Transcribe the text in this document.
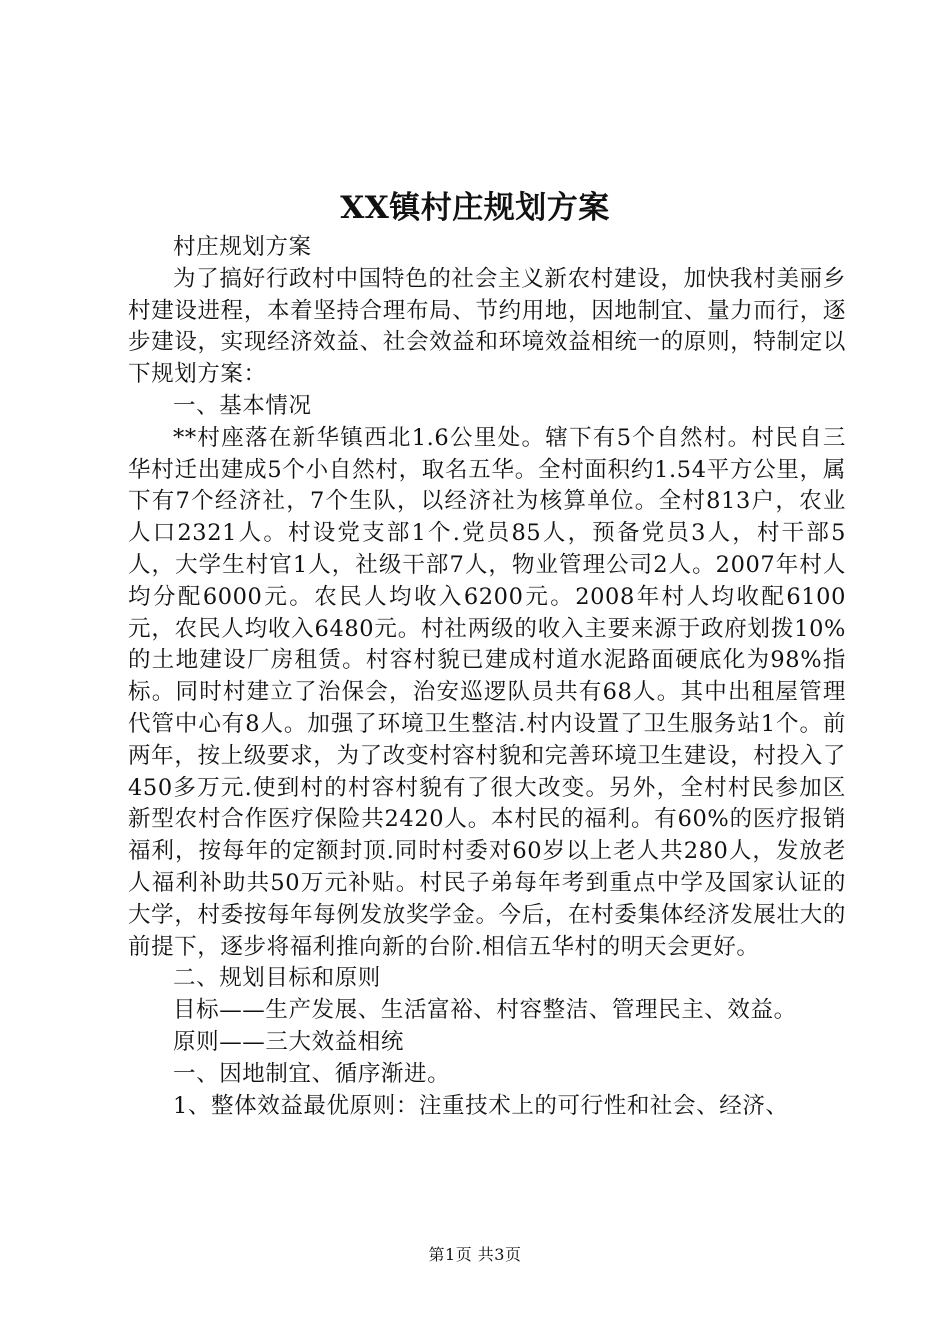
XX镇村庄规划方案

村庄规划方案

为了搞好行政村中国特色的社会主义新农村建设，加快我村美丽乡村建设进程，本着坚持合理布局、节约用地，因地制宜、量力而行，逐步建设，实现经济效益、社会效益和环境效益相统一的原则，特制定以下规划方案：

一、基本情况

**村座落在新华镇西北1.6公里处。辖下有5个自然村。村民自三华村迁出建成5个小自然村，取名五华。全村面积约1.54平方公里，属下有7个经济社，7个生队，以经济社为核算单位。全村813户，农业人口2321人。村设党支部1个.党员85人，预备党员3人，村干部5人，大学生村官1人，社级干部7人，物业管理公司2人。2007年村人均分配6000元。农民人均收入6200元。2008年村人均收配6100元，农民人均收入6480元。村社两级的收入主要来源于政府划拨10%的土地建设厂房租赁。村容村貌已建成村道水泥路面硬底化为98%指标。同时村建立了治保会，治安巡逻队员共有68人。其中出租屋管理代管中心有8人。加强了环境卫生整洁.村内设置了卫生服务站1个。前两年，按上级要求，为了改变村容村貌和完善环境卫生建设，村投入了450多万元.使到村的村容村貌有了很大改变。另外，全村村民参加区新型农村合作医疗保险共2420人。本村民的福利。有60%的医疗报销福利，按每年的定额封顶.同时村委对60岁以上老人共280人，发放老人福利补助共50万元补贴。村民子弟每年考到重点中学及国家认证的大学，村委按每年每例发放奖学金。今后，在村委集体经济发展壮大的前提下，逐步将福利推向新的台阶.相信五华村的明天会更好。

二、规划目标和原则

目标——生产发展、生活富裕、村容整洁、管理民主、效益。

原则——三大效益相统

一、因地制宜、循序渐进。

1、整体效益最优原则：注重技术上的可行性和社会、经济、

第1页 共3页
